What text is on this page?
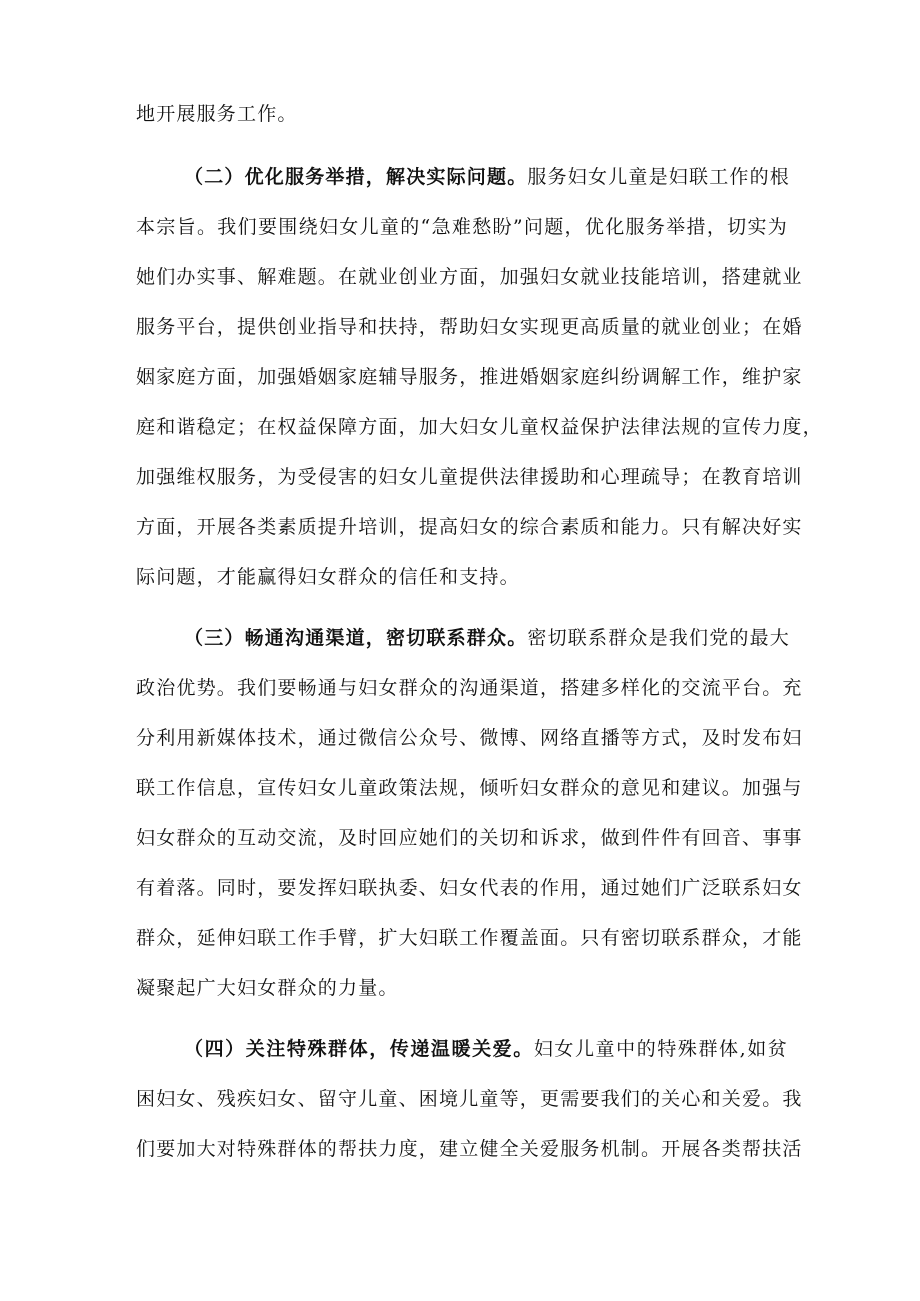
地开展服务工作。
（二）优化服务举措，解决实际问题。服务妇女儿童是妇联工作的根
本宗旨。我们要围绕妇女儿童的“急难愁盼”问题，优化服务举措，切实为
她们办实事、解难题。在就业创业方面，加强妇女就业技能培训，搭建就业
服务平台，提供创业指导和扶持，帮助妇女实现更高质量的就业创业；在婚
姻家庭方面，加强婚姻家庭辅导服务，推进婚姻家庭纠纷调解工作，维护家
庭和谐稳定；在权益保障方面，加大妇女儿童权益保护法律法规的宣传力度，
加强维权服务，为受侵害的妇女儿童提供法律援助和心理疏导；在教育培训
方面，开展各类素质提升培训，提高妇女的综合素质和能力。只有解决好实
际问题，才能赢得妇女群众的信任和支持。
（三）畅通沟通渠道，密切联系群众。密切联系群众是我们党的最大
政治优势。我们要畅通与妇女群众的沟通渠道，搭建多样化的交流平台。充
分利用新媒体技术，通过微信公众号、微博、网络直播等方式，及时发布妇
联工作信息，宣传妇女儿童政策法规，倾听妇女群众的意见和建议。加强与
妇女群众的互动交流，及时回应她们的关切和诉求，做到件件有回音、事事
有着落。同时，要发挥妇联执委、妇女代表的作用，通过她们广泛联系妇女
群众，延伸妇联工作手臂，扩大妇联工作覆盖面。只有密切联系群众，才能
凝聚起广大妇女群众的力量。
（四）关注特殊群体，传递温暖关爱。妇女儿童中的特殊群体,如贫
困妇女、残疾妇女、留守儿童、困境儿童等，更需要我们的关心和关爱。我
们要加大对特殊群体的帮扶力度，建立健全关爱服务机制。开展各类帮扶活
